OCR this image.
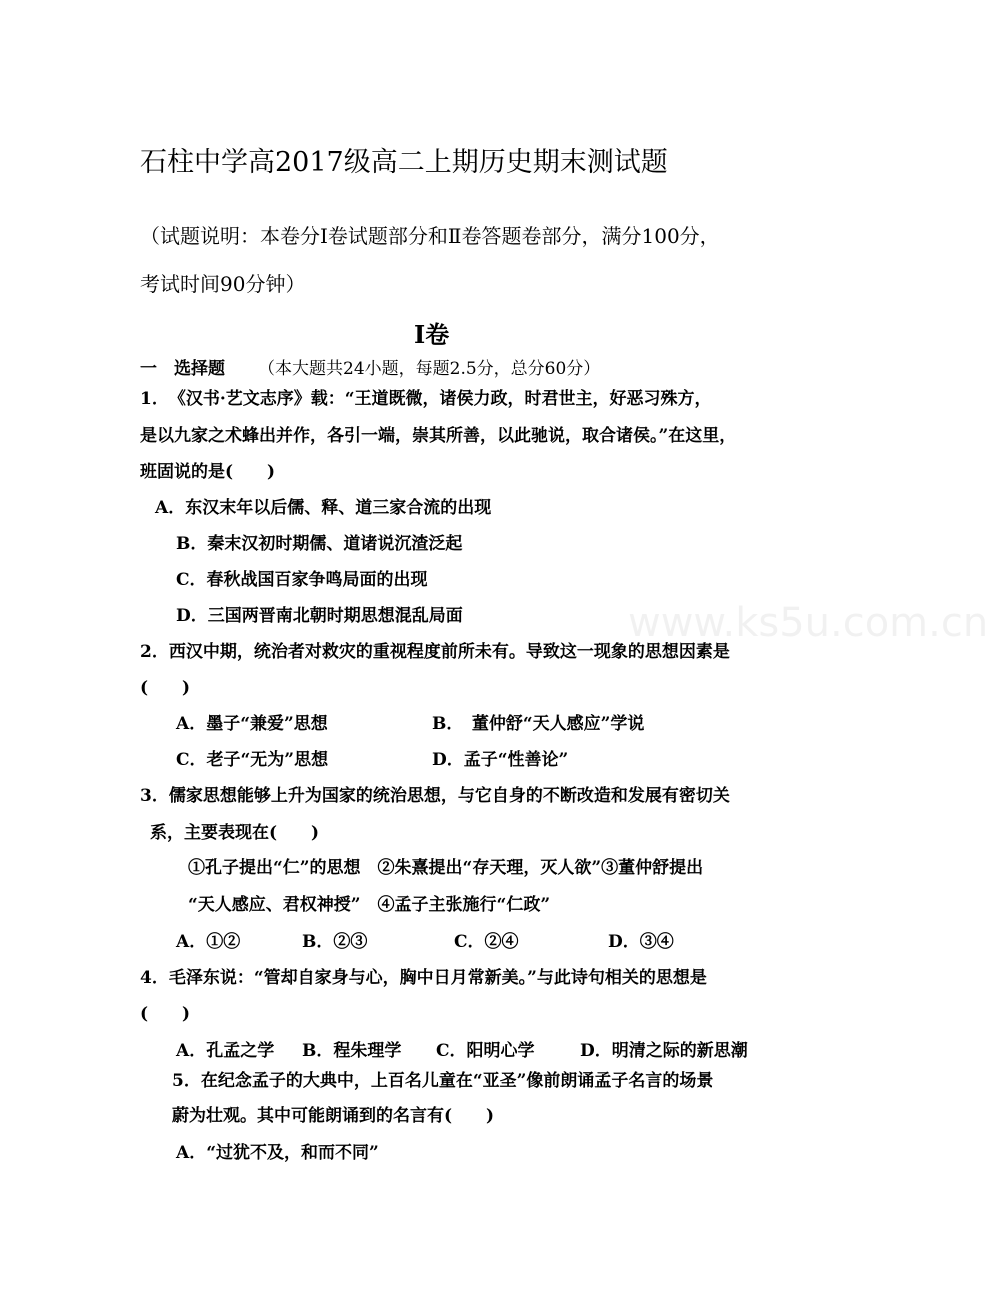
石柱中学高2017级高二上期历史期末测试题
（试题说明：本卷分Ⅰ卷试题部分和Ⅱ卷答题卷部分，满分100分，
考试时间90分钟）
Ⅰ卷
一　选择题 （本大题共24小题，每题2.5分，总分60分）
www.ks5u.com.cn
1．　《汉书·艺文志序》载：“王道既微，诸侯力政，时君世主，好恶习殊方，
是以九家之术蜂出并作，各引一端，崇其所善，以此驰说，取合诸侯。”在这里，
班固说的是(　　)
A．东汉末年以后儒、释、道三家合流的出现
B．秦末汉初时期儒、道诸说沉渣泛起
C．春秋战国百家争鸣局面的出现
D．三国两晋南北朝时期思想混乱局面
2．西汉中期，统治者对救灾的重视程度前所未有。导致这一现象的思想因素是
(　　)
A．墨子“兼爱”思想	B．　董仲舒“天人感应”学说
C．老子“无为”思想	D．孟子“性善论”
3．儒家思想能够上升为国家的统治思想，与它自身的不断改造和发展有密切关
系，主要表现在(　　)
①孔子提出“仁”的思想　②朱熹提出“存天理，灭人欲”③董仲舒提出
“天人感应、君权神授”　④孟子主张施行“仁政”
A．①②	B．②③	C．②④	D．③④
4．毛泽东说：“管却自家身与心，胸中日月常新美。”与此诗句相关的思想是
(　　)
A．孔孟之学 B．程朱理学 C．阳明心学	D．明清之际的新思潮
5．在纪念孟子的大典中，上百名儿童在“亚圣”像前朗诵孟子名言的场景
蔚为壮观。其中可能朗诵到的名言有(　　)
A．“过犹不及，和而不同”
